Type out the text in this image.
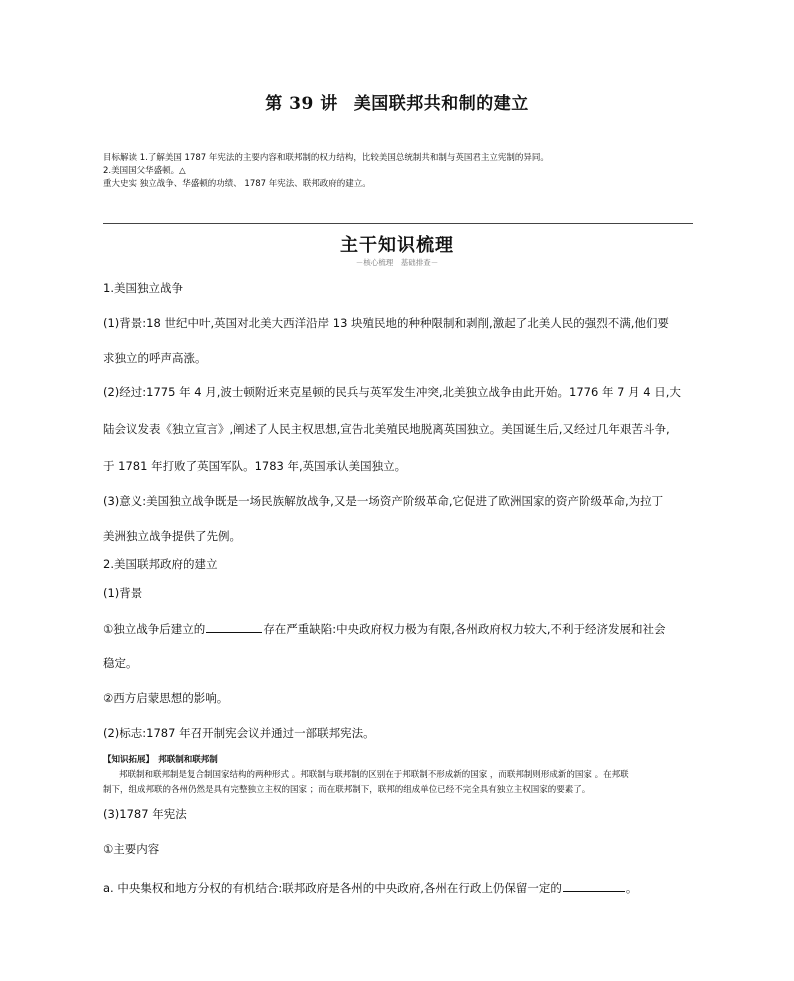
第 39 讲 美国联邦共和制的建立
目标解读 1.了解美国 1787 年宪法的主要内容和联邦制的权力结构，比较美国总统制共和制与英国君主立宪制的异同。
2.美国国父华盛顿。△
重大史实 独立战争、华盛顿的功绩、 1787 年宪法、联邦政府的建立。
主干知识梳理
－核心梳理　基础排查－
1.美国独立战争
(1)背景:18 世纪中叶,英国对北美大西洋沿岸 13 块殖民地的种种限制和剥削,激起了北美人民的强烈不满,他们要
求独立的呼声高涨。
(2)经过:1775 年 4 月,波士顿附近来克星顿的民兵与英军发生冲突,北美独立战争由此开始。1776 年 7 月 4 日,大
陆会议发表《独立宣言》,阐述了人民主权思想,宣告北美殖民地脱离英国独立。美国诞生后,又经过几年艰苦斗争,
于 1781 年打败了英国军队。1783 年,英国承认美国独立。
(3)意义:美国独立战争既是一场民族解放战争,又是一场资产阶级革命,它促进了欧洲国家的资产阶级革命,为拉丁
美洲独立战争提供了先例。
2.美国联邦政府的建立
(1)背景
①独立战争后建立的	存在严重缺陷:中央政府权力极为有限,各州政府权力较大,不利于经济发展和社会
稳定。
②西方启蒙思想的影响。
(2)标志:1787 年召开制宪会议并通过一部联邦宪法。
【知识拓展】　邦联制和联邦制
邦联制和联邦制是复合制国家结构的两种形式 。邦联制与联邦制的区别在于邦联制不形成新的国家 ，而联邦制则形成新的国家 。在邦联
制下，组成邦联的各州仍然是具有完整独立主权的国家 ；而在联邦制下，联邦的组成单位已经不完全具有独立主权国家的要素了。
(3)1787 年宪法
①主要内容
a. 中央集权和地方分权的有机结合:联邦政府是各州的中央政府,各州在行政上仍保留一定的	。
